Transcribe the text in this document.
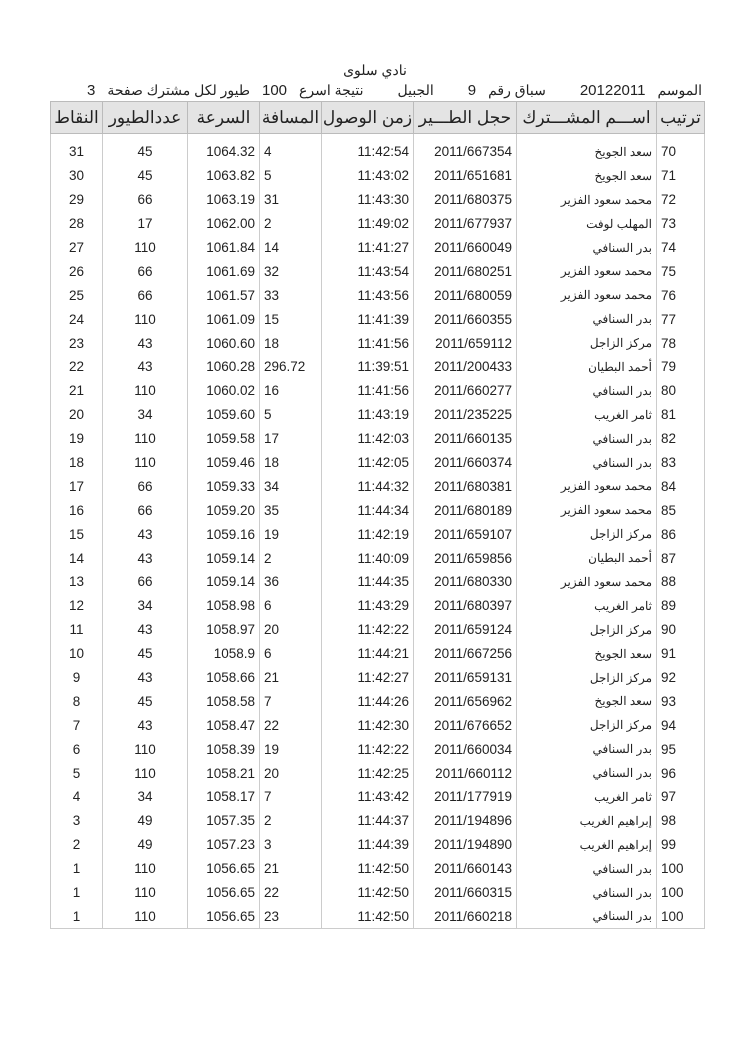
نادي سلوى
الموسم
20122011
سباق رقم
9
الجبيل
نتيجة اسرع
100
طيور لكل مشترك صفحة
3
ترتيب	اســـم المشـــترك	حجل الطـــير	زمن الوصول	المسافة	السرعة	عددالطيور	النقاط
70	سعد الجويخ	2011/667354	11:42:54	4	1064.32	45	31
71	سعد الجويخ	2011/651681	11:43:02	5	1063.82	45	30
72	محمد سعود الفزير	2011/680375	11:43:30	31	1063.19	66	29
73	المهلب لوفت	2011/677937	11:49:02	2	1062.00	17	28
74	بدر السنافي	2011/660049	11:41:27	14	1061.84	110	27
75	محمد سعود الفزير	2011/680251	11:43:54	32	1061.69	66	26
76	محمد سعود الفزير	2011/680059	11:43:56	33	1061.57	66	25
77	بدر السنافي	2011/660355	11:41:39	15	1061.09	110	24
78	مركز الزاجل	2011/659112	11:41:56	18	1060.60	43	23
79	أحمد البطيان	2011/200433	11:39:51	296.72	1060.28	43	22
80	بدر السنافي	2011/660277	11:41:56	16	1060.02	110	21
81	ثامر الغريب	2011/235225	11:43:19	5	1059.60	34	20
82	بدر السنافي	2011/660135	11:42:03	17	1059.58	110	19
83	بدر السنافي	2011/660374	11:42:05	18	1059.46	110	18
84	محمد سعود الفزير	2011/680381	11:44:32	34	1059.33	66	17
85	محمد سعود الفزير	2011/680189	11:44:34	35	1059.20	66	16
86	مركز الزاجل	2011/659107	11:42:19	19	1059.16	43	15
87	أحمد البطيان	2011/659856	11:40:09	2	1059.14	43	14
88	محمد سعود الفزير	2011/680330	11:44:35	36	1059.14	66	13
89	ثامر الغريب	2011/680397	11:43:29	6	1058.98	34	12
90	مركز الزاجل	2011/659124	11:42:22	20	1058.97	43	11
91	سعد الجويخ	2011/667256	11:44:21	6	1058.9	45	10
92	مركز الزاجل	2011/659131	11:42:27	21	1058.66	43	9
93	سعد الجويخ	2011/656962	11:44:26	7	1058.58	45	8
94	مركز الزاجل	2011/676652	11:42:30	22	1058.47	43	7
95	بدر السنافي	2011/660034	11:42:22	19	1058.39	110	6
96	بدر السنافي	2011/660112	11:42:25	20	1058.21	110	5
97	ثامر الغريب	2011/177919	11:43:42	7	1058.17	34	4
98	إبراهيم الغريب	2011/194896	11:44:37	2	1057.35	49	3
99	إبراهيم الغريب	2011/194890	11:44:39	3	1057.23	49	2
100	بدر السنافي	2011/660143	11:42:50	21	1056.65	110	1
100	بدر السنافي	2011/660315	11:42:50	22	1056.65	110	1
100	بدر السنافي	2011/660218	11:42:50	23	1056.65	110	1
